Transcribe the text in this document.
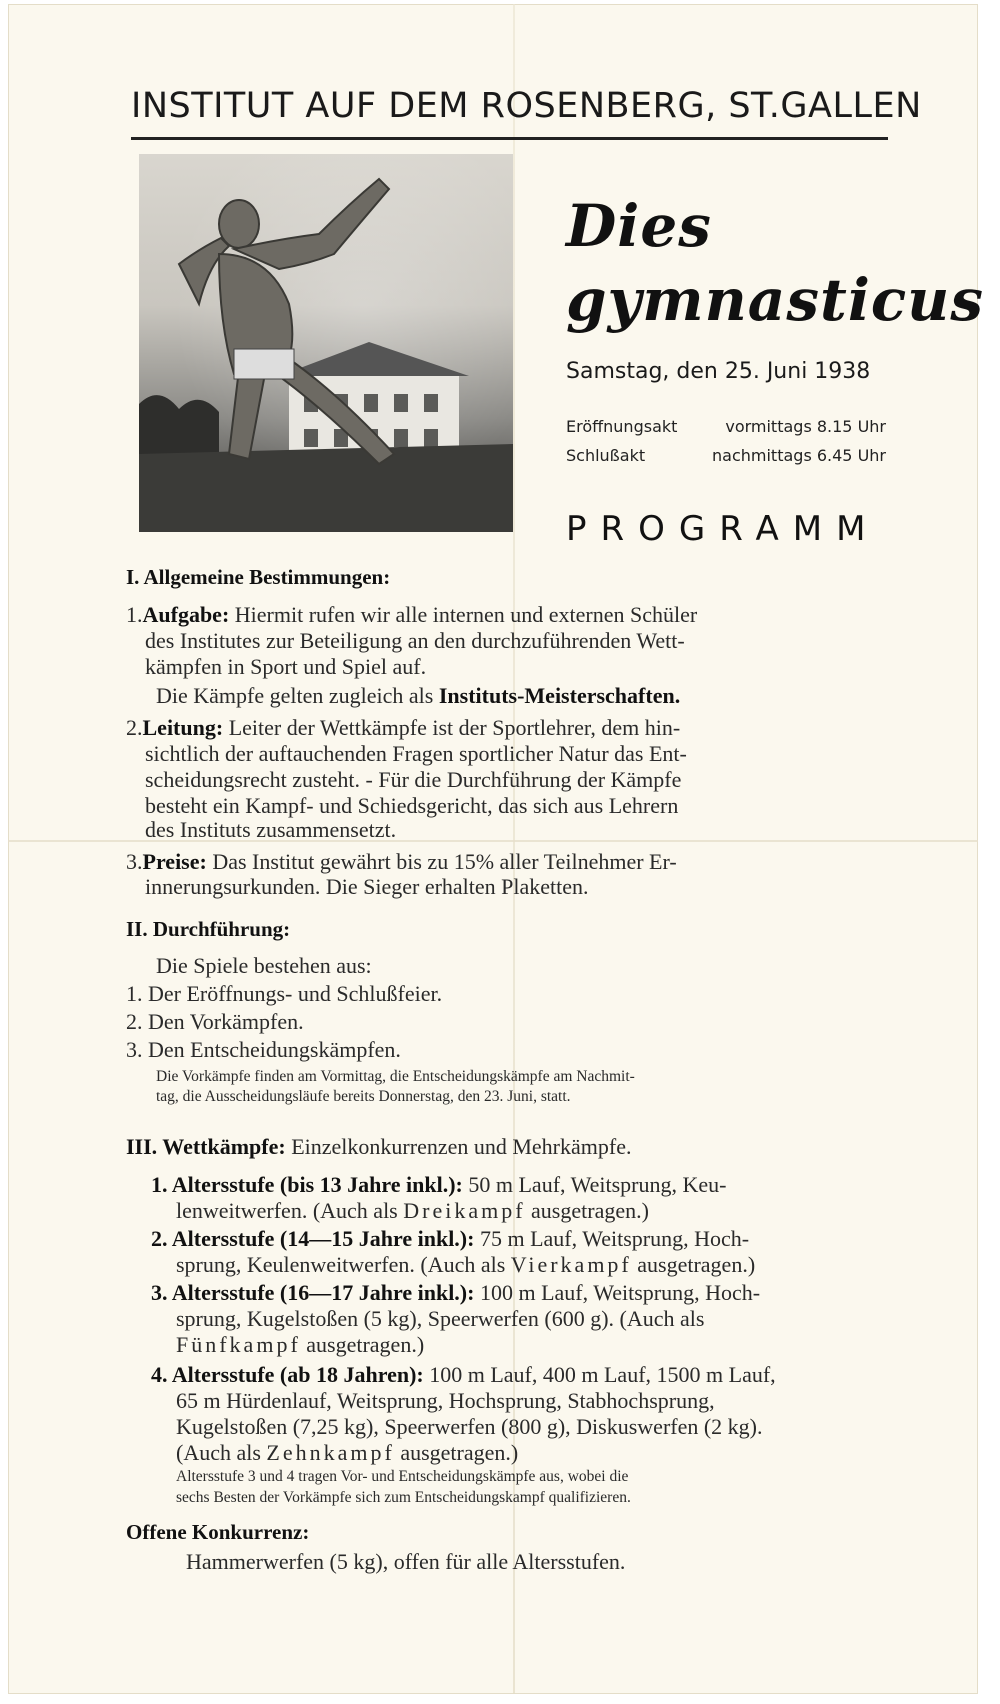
INSTITUT AUF DEM ROSENBERG, ST.GALLEN
Dies
gymnasticus
Samstag, den 25. Juni 1938
Eröffnungsakt	vormittags 8.15 Uhr
Schlußakt	nachmittags 6.45 Uhr
PROGRAMM
I. Allgemeine Bestimmungen:
1.Aufgabe: Hiermit rufen wir alle internen und externen Schüler
des Institutes zur Beteiligung an den durchzuführenden Wett-
kämpfen in Sport und Spiel auf.
Die Kämpfe gelten zugleich als Instituts-Meisterschaften.
2.Leitung: Leiter der Wettkämpfe ist der Sportlehrer, dem hin-
sichtlich der auftauchenden Fragen sportlicher Natur das Ent-
scheidungsrecht zusteht. - Für die Durchführung der Kämpfe
besteht ein Kampf- und Schiedsgericht, das sich aus Lehrern
des Instituts zusammensetzt.
3.Preise: Das Institut gewährt bis zu 15% aller Teilnehmer Er-
innerungsurkunden. Die Sieger erhalten Plaketten.
II. Durchführung:
Die Spiele bestehen aus:
1. Der Eröffnungs- und Schlußfeier.
2. Den Vorkämpfen.
3. Den Entscheidungskämpfen.
Die Vorkämpfe finden am Vormittag, die Entscheidungskämpfe am Nachmit-
tag, die Ausscheidungsläufe bereits Donnerstag, den 23. Juni, statt.
III. Wettkämpfe: Einzelkonkurrenzen und Mehrkämpfe.
1. Altersstufe (bis 13 Jahre inkl.): 50 m Lauf, Weitsprung, Keu-
lenweitwerfen. (Auch als Dreikampf ausgetragen.)
2. Altersstufe (14—15 Jahre inkl.): 75 m Lauf, Weitsprung, Hoch-
sprung, Keulenweitwerfen. (Auch als Vierkampf ausgetragen.)
3. Altersstufe (16—17 Jahre inkl.): 100 m Lauf, Weitsprung, Hoch-
sprung, Kugelstoßen (5 kg), Speerwerfen (600 g). (Auch als
Fünfkampf ausgetragen.)
4. Altersstufe (ab 18 Jahren): 100 m Lauf, 400 m Lauf, 1500 m Lauf,
65 m Hürdenlauf, Weitsprung, Hochsprung, Stabhochsprung,
Kugelstoßen (7,25 kg), Speerwerfen (800 g), Diskuswerfen (2 kg).
(Auch als Zehnkampf ausgetragen.)
Altersstufe 3 und 4 tragen Vor- und Entscheidungskämpfe aus, wobei die
sechs Besten der Vorkämpfe sich zum Entscheidungskampf qualifizieren.
Offene Konkurrenz:
Hammerwerfen (5 kg), offen für alle Altersstufen.
